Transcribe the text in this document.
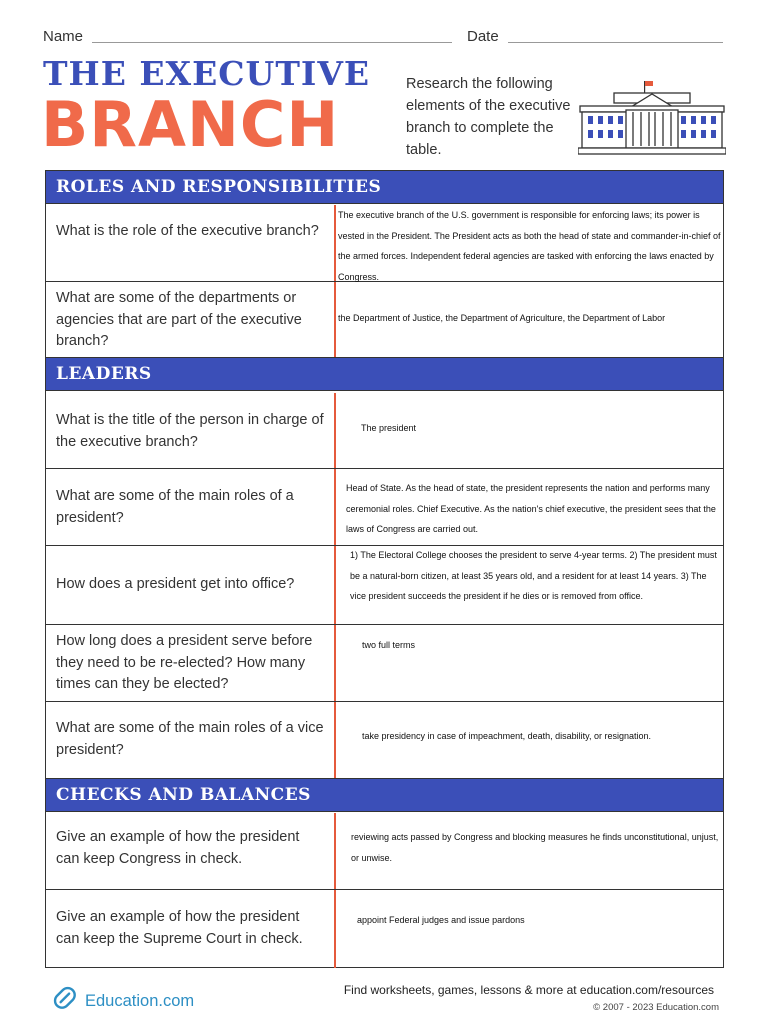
Name	Date
THE EXECUTIVE
BRANCH
Research the following elements of the executive branch to complete the table.
ROLES AND RESPONSIBILITIES
What is the role of the executive branch?
The executive branch of the U.S. government is responsible for enforcing laws; its power is vested in the President. The President acts as both the head of state and commander-in-chief of the armed forces. Independent federal agencies are tasked with enforcing the laws enacted by Congress.
What are some of the departments or agencies that are part of the executive branch?
the Department of Justice, the Department of Agriculture, the Department of Labor
LEADERS
What is the title of the person in charge of the executive branch?
The president
What are some of the main roles of a president?
Head of State. As the head of state, the president represents the nation and performs many ceremonial roles. Chief Executive. As the nation's chief executive, the president sees that the laws of Congress are carried out.
How does a president get into office?
1) The Electoral College chooses the president to serve 4-year terms. 2) The president must be a natural-born citizen, at least 35 years old, and a resident for at least 14 years. 3) The vice president succeeds the president if he dies or is removed from office.
How long does a president serve before they need to be re-elected? How many times can they be elected?
two full terms
What are some of the main roles of a vice president?
take presidency in case of impeachment, death, disability, or resignation.
CHECKS AND BALANCES
Give an example of how the president can keep Congress in check.
reviewing acts passed by Congress and blocking measures he finds unconstitutional, unjust, or unwise.
Give an example of how the president can keep the Supreme Court in check.
appoint Federal judges and issue pardons
Education.com
Find worksheets, games, lessons & more at education.com/resources
© 2007 - 2023 Education.com
